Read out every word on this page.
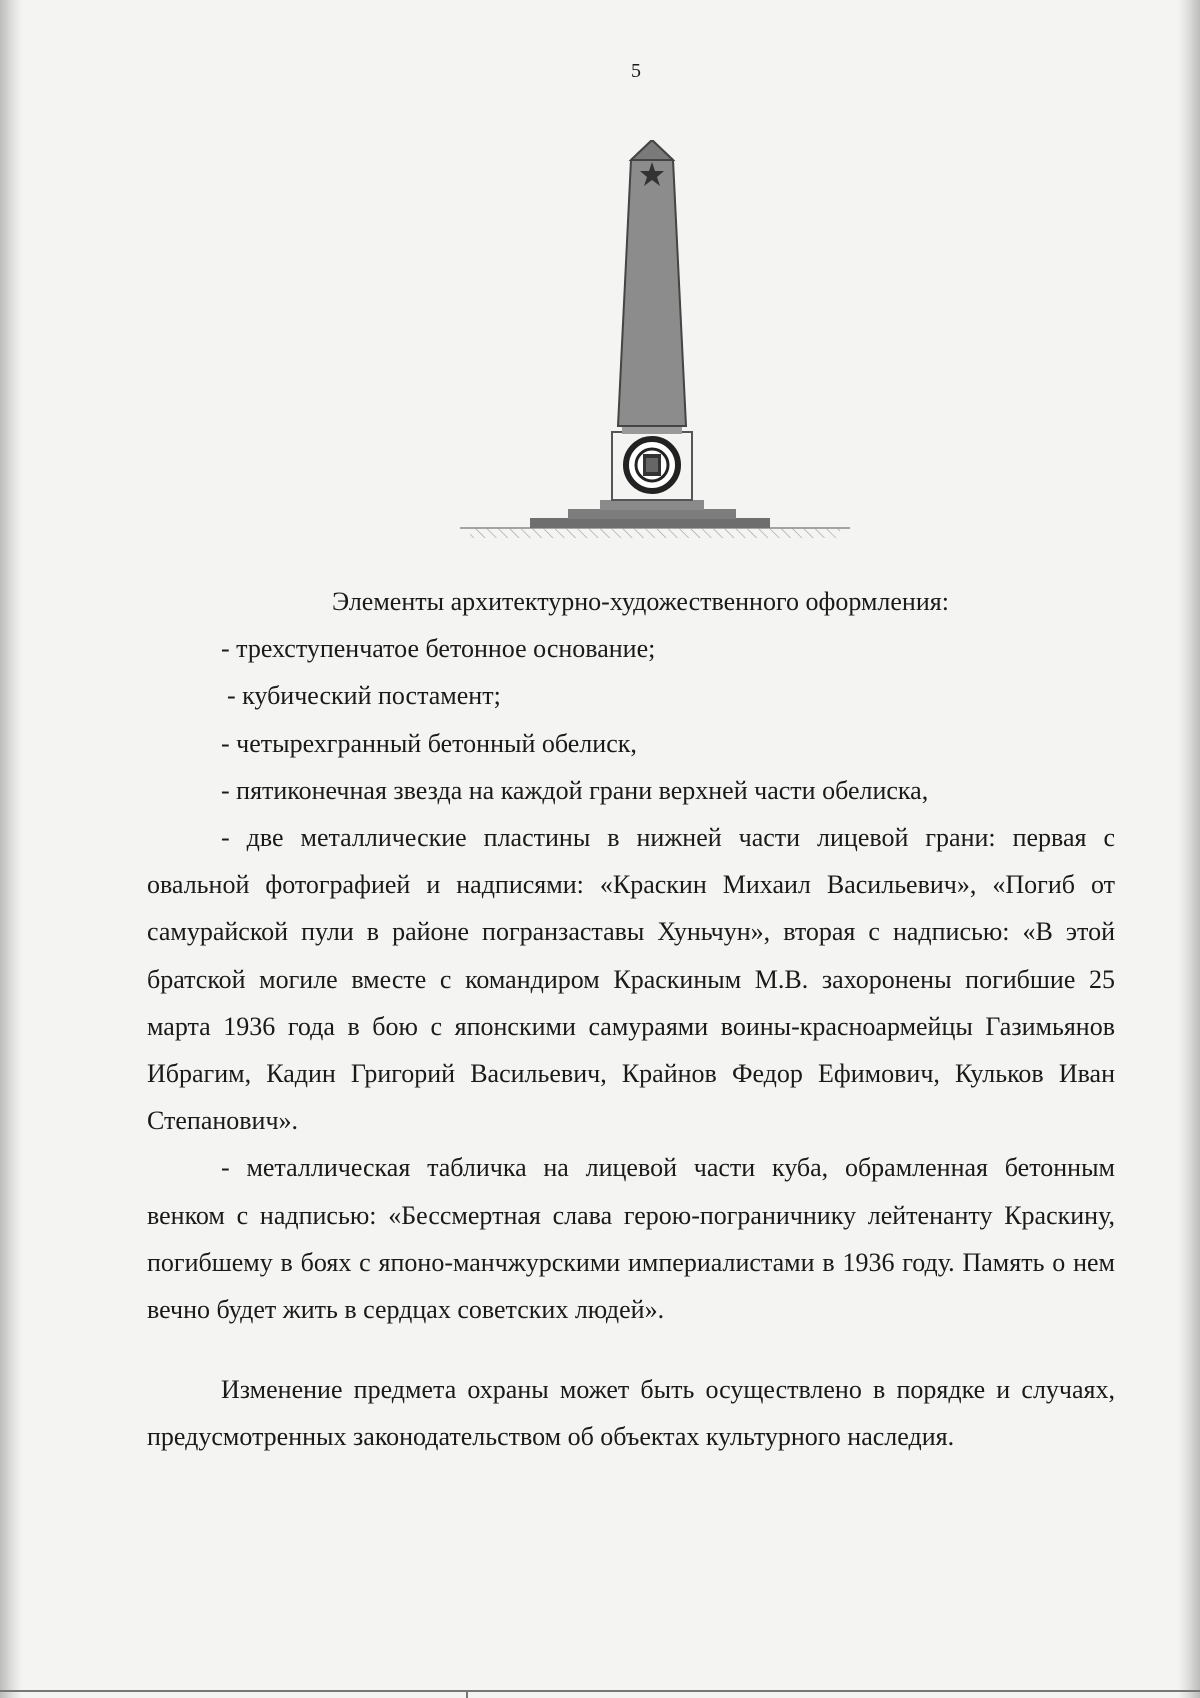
5

Элементы архитектурно-художественного оформления:

- трехступенчатое бетонное основание;

- кубический постамент;

- четырехгранный бетонный обелиск,

- пятиконечная звезда на каждой грани верхней части обелиска,

- две металлические пластины в нижней части лицевой грани: первая с овальной фотографией и надписями: «Краскин Михаил Васильевич», «Погиб от самурайской пули в районе погранзаставы Хуньчун», вторая с надписью: «В этой братской могиле вместе с командиром Краскиным М.В. захоронены погибшие 25 марта 1936 года в бою с японскими самураями воины-красноармейцы Газимьянов Ибрагим, Кадин Григорий Васильевич, Крайнов Федор Ефимович, Кульков Иван Степанович».

- металлическая табличка на лицевой части куба, обрамленная бетонным венком с надписью: «Бессмертная слава герою-пограничнику лейтенанту Краскину, погибшему в боях с японо-манчжурскими империалистами в 1936 году. Память о нем вечно будет жить в сердцах советских людей».

Изменение предмета охраны может быть осуществлено в порядке и случаях, предусмотренных законодательством об объектах культурного наследия.
